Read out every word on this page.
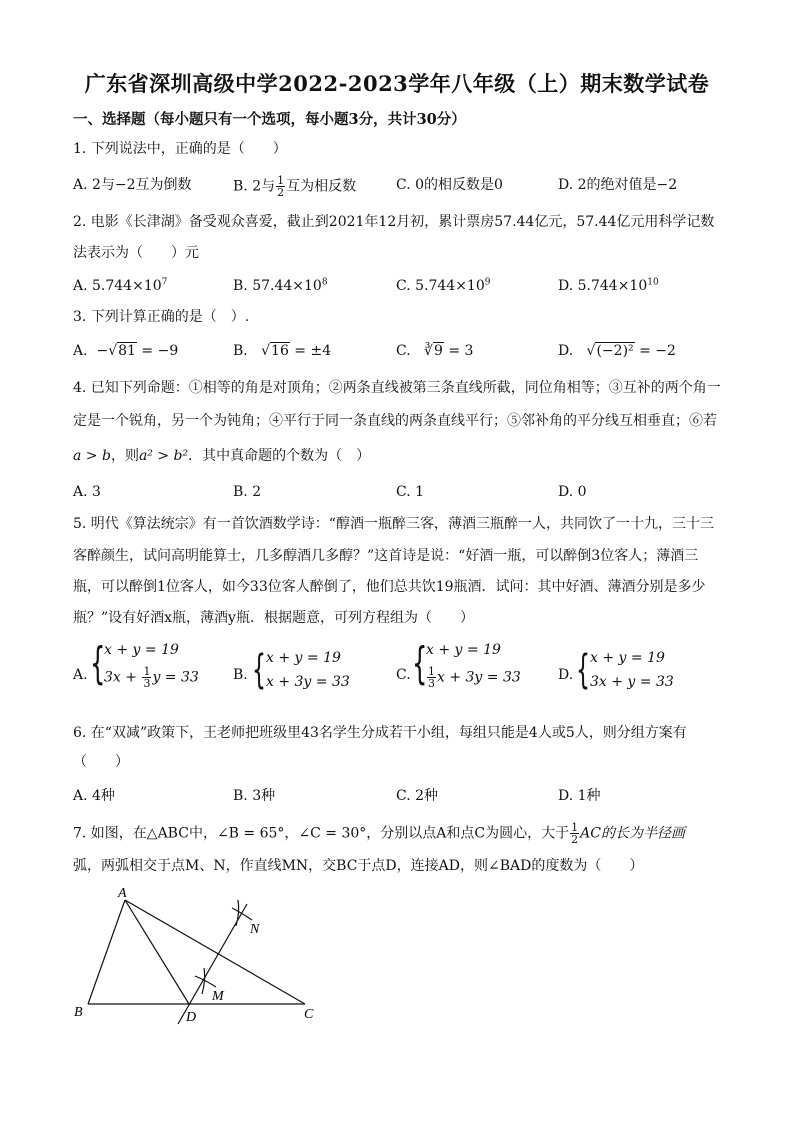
广东省深圳高级中学2022-2023学年八年级（上）期末数学试卷
一、选择题（每小题只有一个选项，每小题3分，共计30分）
1. 下列说法中，正确的是（　　）
A. 2与−2互为倒数	B. 2与 $\frac{1}{2}$ 互为相反数	C. 0的相反数是0	D. 2的绝对值是−2
2. 电影《长津湖》备受观众喜爱，截止到2021年12月初，累计票房57.44亿元，57.44亿元用科学记数
法表示为（　　）元
A. $5.744\times 10^7$	B. $57.44\times 10^8$	C. $5.744\times 10^9$	D. $5.744\times 10^{10}$
3. 下列计算正确的是（　）.
A. −√81 = −9	B. √16 = ±4	C. ∛9 = 3	D. √(−2)² = −2
4. 已知下列命题：①相等的角是对顶角；②两条直线被第三条直线所截，同位角相等；③互补的两个角一
定是一个锐角，另一个为钝角；④平行于同一条直线的两条直线平行；⑤邻补角的平分线互相垂直；⑥若
a > b，则a² > b²．其中真命题的个数为（　）
A. 3	B. 2	C. 1	D. 0
5. 明代《算法统宗》有一首饮酒数学诗：“醇酒一瓶醉三客，薄酒三瓶醉一人，共同饮了一十九，三十三
客醉颜生，试问高明能算士，几多醇酒几多醇？”这首诗是说：“好酒一瓶，可以醉倒3位客人；薄酒三
瓶，可以醉倒1位客人，如今33位客人醉倒了，他们总共饮19瓶酒．试问：其中好酒、薄酒分别是多少
瓶？”设有好酒x瓶，薄酒y瓶．根据题意，可列方程组为（　　）
A. {
x + y = 19
$3x + \frac{1}{3}$ y = 33 B. { x + y = 19
x + 3y = 33	C. {
x + y = 19
$\frac{1}{3}$ x + 3y = 33	D. { x + y = 19
3x + y = 33
6. 在“双减”政策下，王老师把班级里43名学生分成若干小组，每组只能是4人或5人，则分组方案有
（　　）
A. 4种	B. 3种	C. 2种	D. 1种
7. 如图，在△ABC中，∠B = 65°，∠C = 30°，分别以点A和点C为圆心，大于 $\frac{1}{2}$ AC的长为半径画
弧，两弧相交于点M、N，作直线MN，交BC于点D，连接AD，则∠BAD的度数为（　　）
A
B	C
D
M
N
